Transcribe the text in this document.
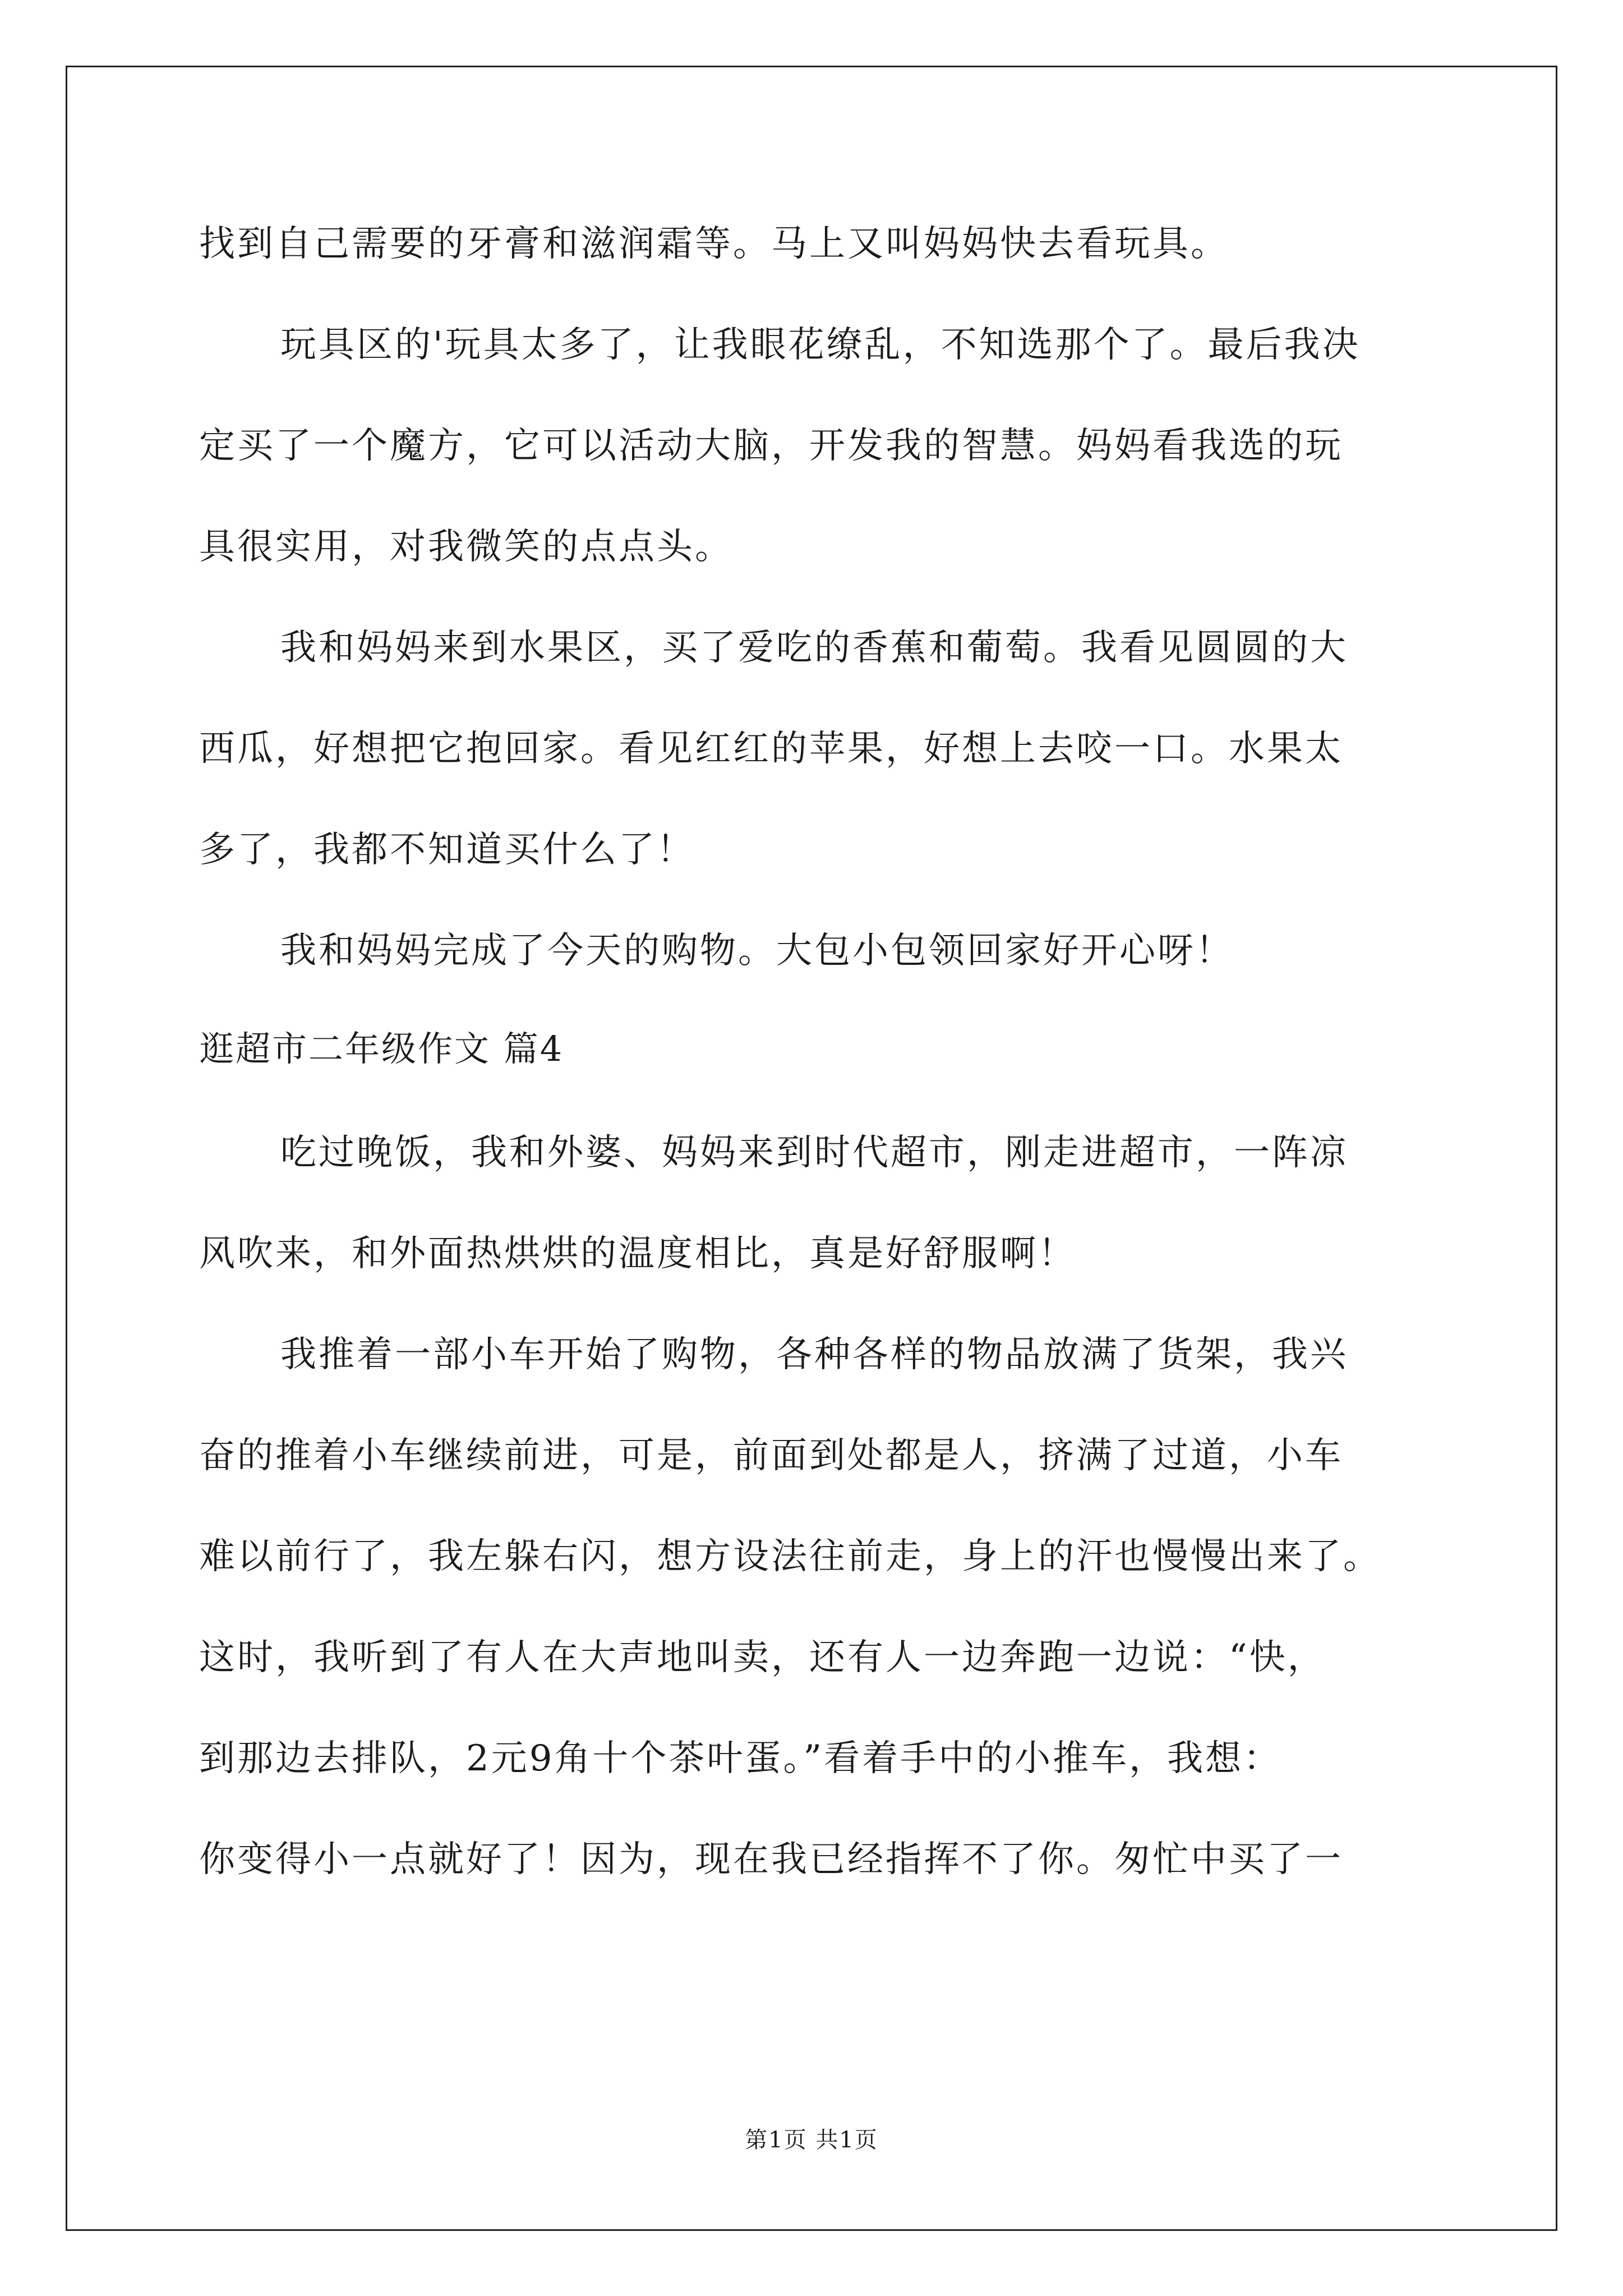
找到自己需要的牙膏和滋润霜等。马上又叫妈妈快去看玩具。
玩具区的'玩具太多了，让我眼花缭乱，不知选那个了。最后我决
定买了一个魔方，它可以活动大脑，开发我的智慧。妈妈看我选的玩
具很实用，对我微笑的点点头。
我和妈妈来到水果区，买了爱吃的香蕉和葡萄。我看见圆圆的大
西瓜，好想把它抱回家。看见红红的苹果，好想上去咬一口。水果太
多了，我都不知道买什么了！
我和妈妈完成了今天的购物。大包小包领回家好开心呀！
逛超市二年级作文 篇4
吃过晚饭，我和外婆、妈妈来到时代超市，刚走进超市，一阵凉
风吹来，和外面热烘烘的温度相比，真是好舒服啊！
我推着一部小车开始了购物，各种各样的物品放满了货架，我兴
奋的推着小车继续前进，可是，前面到处都是人，挤满了过道，小车
难以前行了，我左躲右闪，想方设法往前走，身上的汗也慢慢出来了。
这时，我听到了有人在大声地叫卖，还有人一边奔跑一边说：“快，
到那边去排队，2元9角十个茶叶蛋。”看着手中的小推车，我想：
你变得小一点就好了！因为，现在我已经指挥不了你。匆忙中买了一
第1页 共1页
